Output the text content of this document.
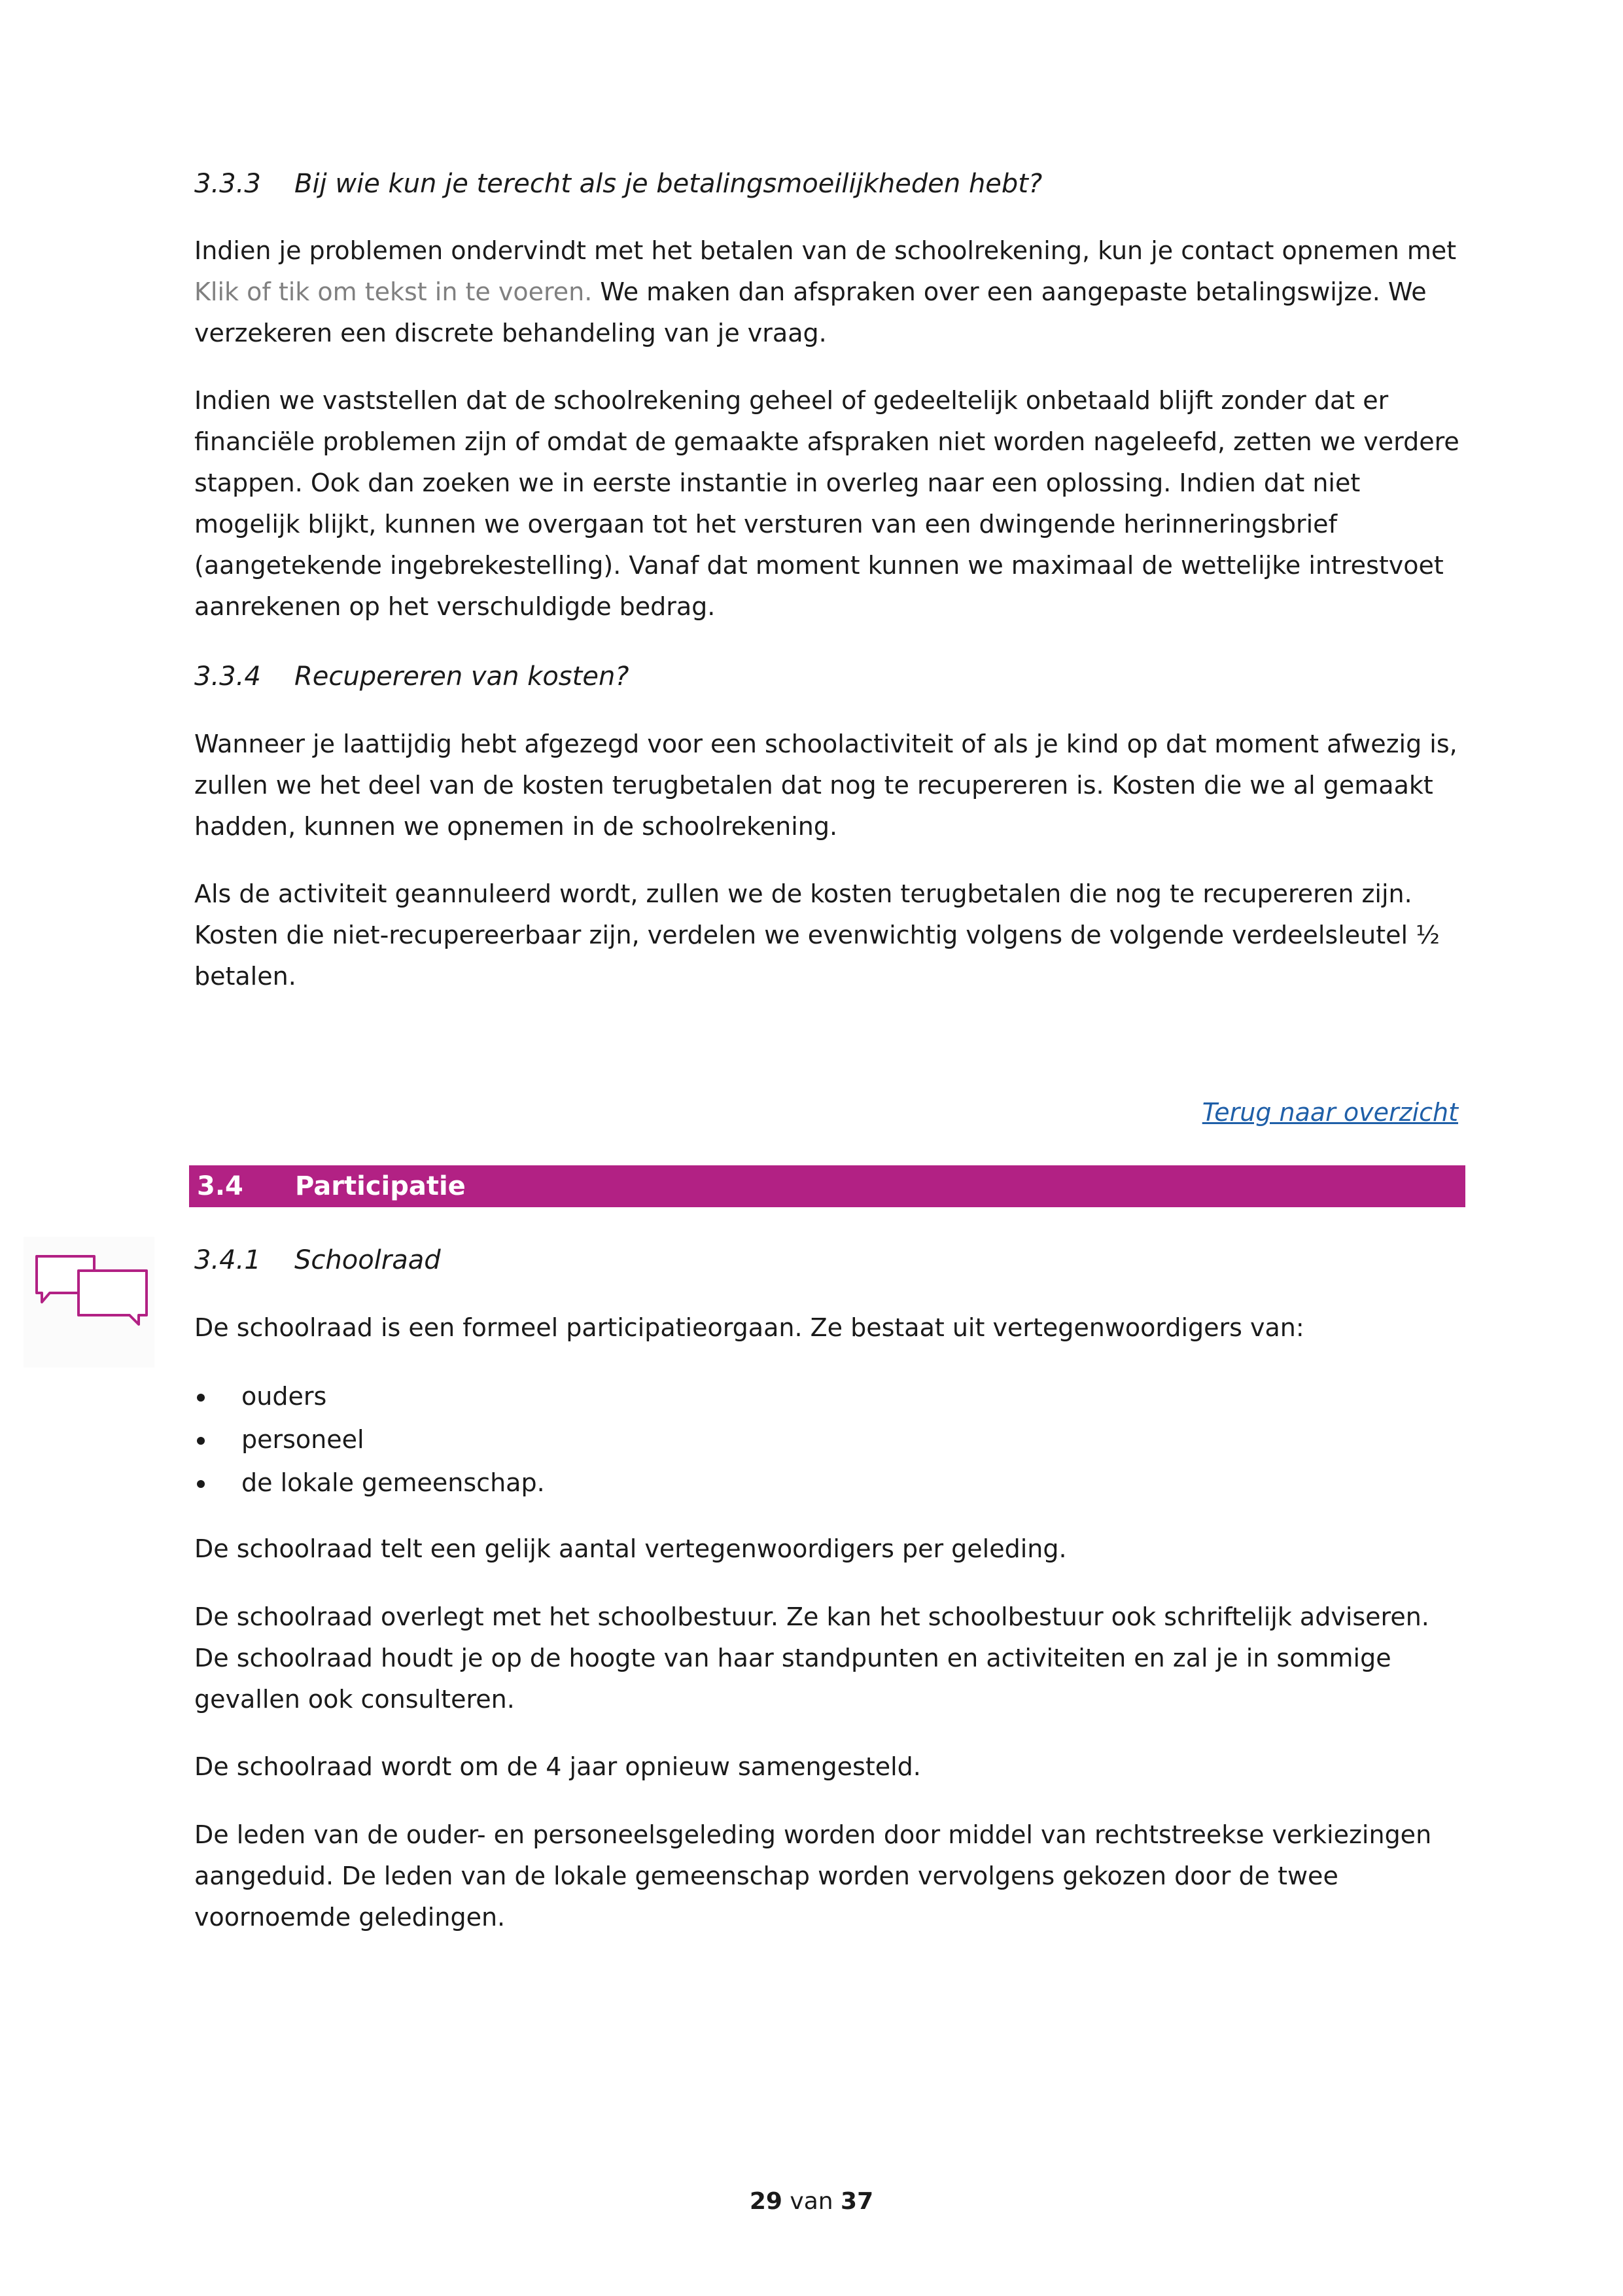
3.3.3 Bij wie kun je terecht als je betalingsmoeilijkheden hebt?

Indien je problemen ondervindt met het betalen van de schoolrekening, kun je contact opnemen met Klik of tik om tekst in te voeren. We maken dan afspraken over een aangepaste betalingswijze. We verzekeren een discrete behandeling van je vraag.

Indien we vaststellen dat de schoolrekening geheel of gedeeltelijk onbetaald blijft zonder dat er financiële problemen zijn of omdat de gemaakte afspraken niet worden nageleefd, zetten we verdere stappen. Ook dan zoeken we in eerste instantie in overleg naar een oplossing. Indien dat niet mogelijk blijkt, kunnen we overgaan tot het versturen van een dwingende herinneringsbrief (aangetekende ingebrekestelling). Vanaf dat moment kunnen we maximaal de wettelijke intrestvoet aanrekenen op het verschuldigde bedrag.

3.3.4 Recupereren van kosten?

Wanneer je laattijdig hebt afgezegd voor een schoolactiviteit of als je kind op dat moment afwezig is, zullen we het deel van de kosten terugbetalen dat nog te recupereren is. Kosten die we al gemaakt hadden, kunnen we opnemen in de schoolrekening.

Als de activiteit geannuleerd wordt, zullen we de kosten terugbetalen die nog te recupereren zijn. Kosten die niet-recupereerbaar zijn, verdelen we evenwichtig volgens de volgende verdeelsleutel ½ betalen.

Terug naar overzicht
3.4 Participatie
3.4.1 Schoolraad

De schoolraad is een formeel participatieorgaan. Ze bestaat uit vertegenwoordigers van:

ouders
personeel
de lokale gemeenschap.

De schoolraad telt een gelijk aantal vertegenwoordigers per geleding.

De schoolraad overlegt met het schoolbestuur. Ze kan het schoolbestuur ook schriftelijk adviseren. De schoolraad houdt je op de hoogte van haar standpunten en activiteiten en zal je in sommige gevallen ook consulteren.

De schoolraad wordt om de 4 jaar opnieuw samengesteld.

De leden van de ouder- en personeelsgeleding worden door middel van rechtstreekse verkiezingen aangeduid. De leden van de lokale gemeenschap worden vervolgens gekozen door de twee voornoemde geledingen.

29 van 37
